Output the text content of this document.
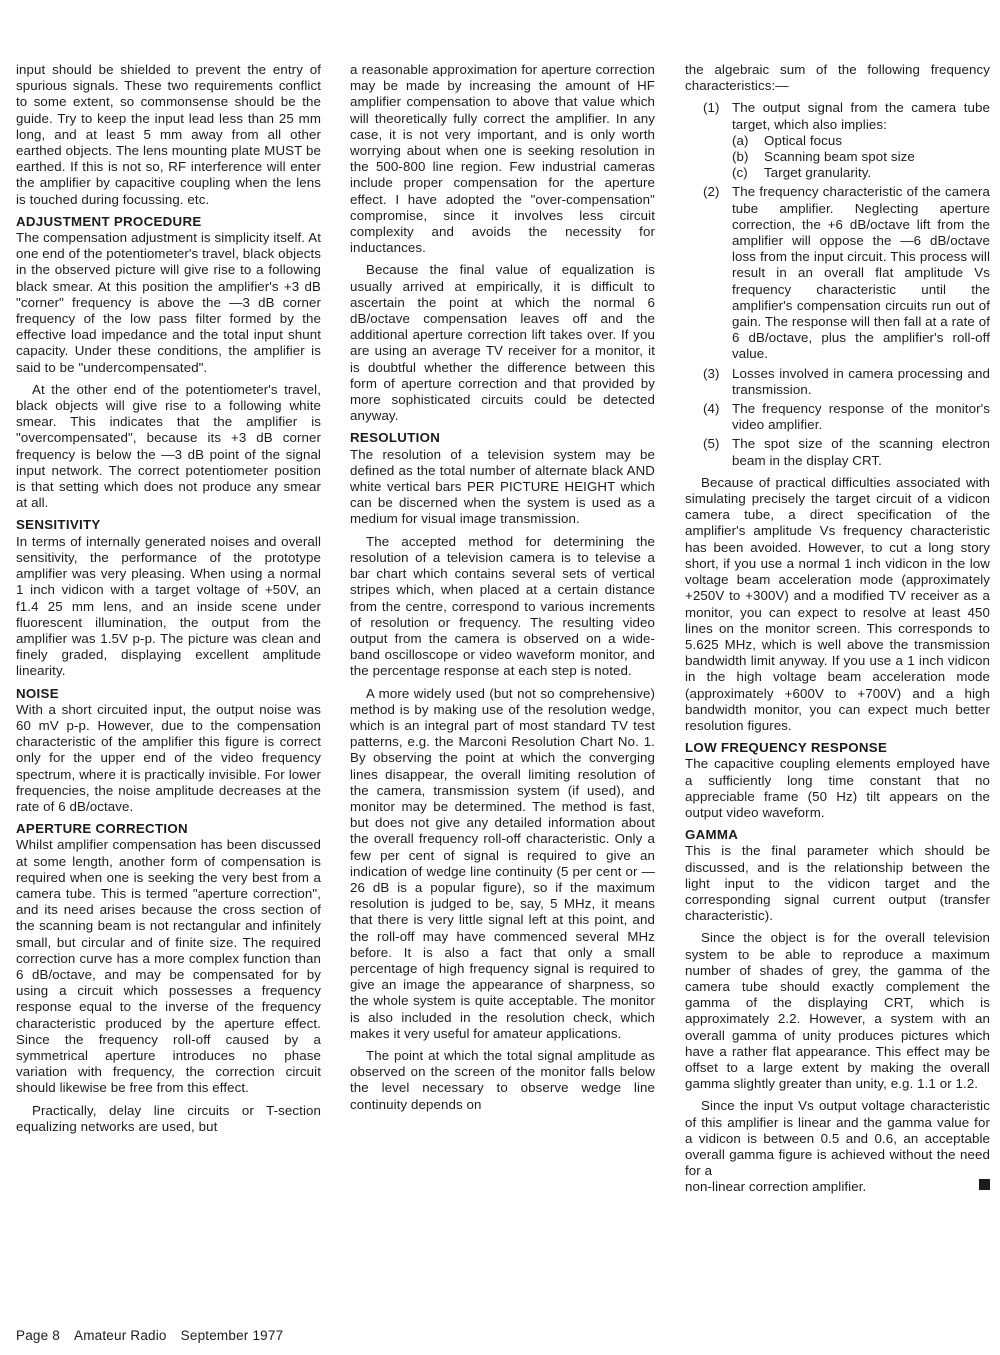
input should be shielded to prevent the entry of spurious signals. These two requirements conflict to some extent, so commonsense should be the guide. Try to keep the input lead less than 25 mm long, and at least 5 mm away from all other earthed objects. The lens mounting plate MUST be earthed. If this is not so, RF interference will enter the amplifier by capacitive coupling when the lens is touched during focussing. etc.

ADJUSTMENT PROCEDURE

The compensation adjustment is simplicity itself. At one end of the potentiometer's travel, black objects in the observed picture will give rise to a following black smear. At this position the amplifier's +3 dB "corner" frequency is above the —3 dB corner frequency of the low pass filter formed by the effective load impedance and the total input shunt capacity. Under these conditions, the amplifier is said to be "undercompensated".

At the other end of the potentiometer's travel, black objects will give rise to a following white smear. This indicates that the amplifier is "overcompensated", because its +3 dB corner frequency is below the —3 dB point of the signal input network. The correct potentiometer position is that setting which does not produce any smear at all.

SENSITIVITY

In terms of internally generated noises and overall sensitivity, the performance of the prototype amplifier was very pleasing. When using a normal 1 inch vidicon with a target voltage of +50V, an f1.4 25 mm lens, and an inside scene under fluorescent illumination, the output from the amplifier was 1.5V p-p. The picture was clean and finely graded, displaying excellent amplitude linearity.

NOISE

With a short circuited input, the output noise was 60 mV p-p. However, due to the compensation characteristic of the amplifier this figure is correct only for the upper end of the video frequency spectrum, where it is practically invisible. For lower frequencies, the noise amplitude decreases at the rate of 6 dB/octave.

APERTURE CORRECTION

Whilst amplifier compensation has been discussed at some length, another form of compensation is required when one is seeking the very best from a camera tube. This is termed "aperture correction", and its need arises because the cross section of the scanning beam is not rectangular and infinitely small, but circular and of finite size. The required correction curve has a more complex function than 6 dB/octave, and may be compensated for by using a circuit which possesses a frequency response equal to the inverse of the frequency characteristic produced by the aperture effect. Since the frequency roll-off caused by a symmetrical aperture introduces no phase variation with frequency, the correction circuit should likewise be free from this effect.

Practically, delay line circuits or T-section equalizing networks are used, but

a reasonable approximation for aperture correction may be made by increasing the amount of HF amplifier compensation to above that value which will theoretically fully correct the amplifier. In any case, it is not very important, and is only worth worrying about when one is seeking resolution in the 500-800 line region. Few industrial cameras include proper compensation for the aperture effect. I have adopted the "over-compensation" compromise, since it involves less circuit complexity and avoids the necessity for inductances.

Because the final value of equalization is usually arrived at empirically, it is difficult to ascertain the point at which the normal 6 dB/octave compensation leaves off and the additional aperture correction lift takes over. If you are using an average TV receiver for a monitor, it is doubtful whether the difference between this form of aperture correction and that provided by more sophisticated circuits could be detected anyway.

RESOLUTION

The resolution of a television system may be defined as the total number of alternate black AND white vertical bars PER PICTURE HEIGHT which can be discerned when the system is used as a medium for visual image transmission.

The accepted method for determining the resolution of a television camera is to televise a bar chart which contains several sets of vertical stripes which, when placed at a certain distance from the centre, correspond to various increments of resolution or frequency. The resulting video output from the camera is observed on a wide-band oscilloscope or video waveform monitor, and the percentage response at each step is noted.

A more widely used (but not so comprehensive) method is by making use of the resolution wedge, which is an integral part of most standard TV test patterns, e.g. the Marconi Resolution Chart No. 1. By observing the point at which the converging lines disappear, the overall limiting resolution of the camera, transmission system (if used), and monitor may be determined. The method is fast, but does not give any detailed information about the overall frequency roll-off characteristic. Only a few per cent of signal is required to give an indication of wedge line continuity (5 per cent or —26 dB is a popular figure), so if the maximum resolution is judged to be, say, 5 MHz, it means that there is very little signal left at this point, and the roll-off may have commenced several MHz before. It is also a fact that only a small percentage of high frequency signal is required to give an image the appearance of sharpness, so the whole system is quite acceptable. The monitor is also included in the resolution check, which makes it very useful for amateur applications.

The point at which the total signal amplitude as observed on the screen of the monitor falls below the level necessary to observe wedge line continuity depends on

the algebraic sum of the following frequency characteristics:—

(1) The output signal from the camera tube target, which also implies:
(a)	Optical focus
(b)	Scanning beam spot size
(c)	Target granularity.
(2) The frequency characteristic of the camera tube amplifier. Neglecting aperture correction, the +6 dB/octave lift from the amplifier will oppose the —6 dB/octave loss from the input circuit. This process will result in an overall flat amplitude Vs frequency characteristic until the amplifier's compensation circuits run out of gain. The response will then fall at a rate of 6 dB/octave, plus the amplifier's roll-off value.
(3) Losses involved in camera processing and transmission.
(4) The frequency response of the monitor's video amplifier.
(5) The spot size of the scanning electron beam in the display CRT.

Because of practical difficulties associated with simulating precisely the target circuit of a vidicon camera tube, a direct specification of the amplifier's amplitude Vs frequency characteristic has been avoided. However, to cut a long story short, if you use a normal 1 inch vidicon in the low voltage beam acceleration mode (approximately +250V to +300V) and a modified TV receiver as a monitor, you can expect to resolve at least 450 lines on the monitor screen. This corresponds to 5.625 MHz, which is well above the transmission bandwidth limit anyway. If you use a 1 inch vidicon in the high voltage beam acceleration mode (approximately +600V to +700V) and a high bandwidth monitor, you can expect much better resolution figures.

LOW FREQUENCY RESPONSE

The capacitive coupling elements employed have a sufficiently long time constant that no appreciable frame (50 Hz) tilt appears on the output video waveform.

GAMMA

This is the final parameter which should be discussed, and is the relationship between the light input to the vidicon target and the corresponding signal current output (transfer characteristic).

Since the object is for the overall television system to be able to reproduce a maximum number of shades of grey, the gamma of the camera tube should exactly complement the gamma of the displaying CRT, which is approximately 2.2. However, a system with an overall gamma of unity produces pictures which have a rather flat appearance. This effect may be offset to a large extent by making the overall gamma slightly greater than unity, e.g. 1.1 or 1.2.

Since the input Vs output voltage characteristic of this amplifier is linear and the gamma value for a vidicon is between 0.5 and 0.6, an acceptable overall gamma figure is achieved without the need for a

non-linear correction amplifier.
Page 8 Amateur Radio September 1977
